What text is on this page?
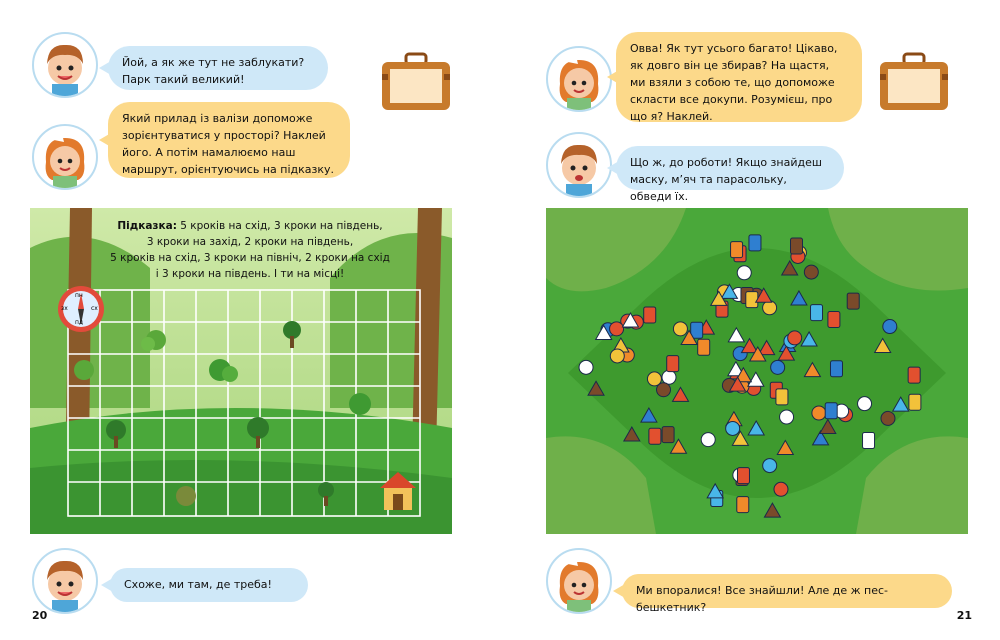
Йой, а як же тут не заблукати?
Парк такий великий!
Який прилад із валізи допоможе
зорієнтуватися у просторі? Наклей
його. А потім намалюємо наш
маршрут, орієнтуючись на підказку.
пн
пд
сх
зх
Підказка: 5 кроків на схід, 3 кроки на південь,
3 кроки на захід, 2 кроки на південь,
5 кроків на схід, 3 кроки на північ, 2 кроки на схід
і 3 кроки на південь. І ти на місці!
Схоже, ми там, де треба!
20
Овва! Як тут усього багато! Цікаво,
як довго він це збирав? На щастя,
ми взяли з собою те, що допоможе
скласти все докупи. Розумієш, про
що я? Наклей.
Що ж, до роботи! Якщо знайдеш
маску, м’яч та парасольку, обведи їх.
Ми впоралися! Все знайшли! Але де ж пес-бешкетник?
21
